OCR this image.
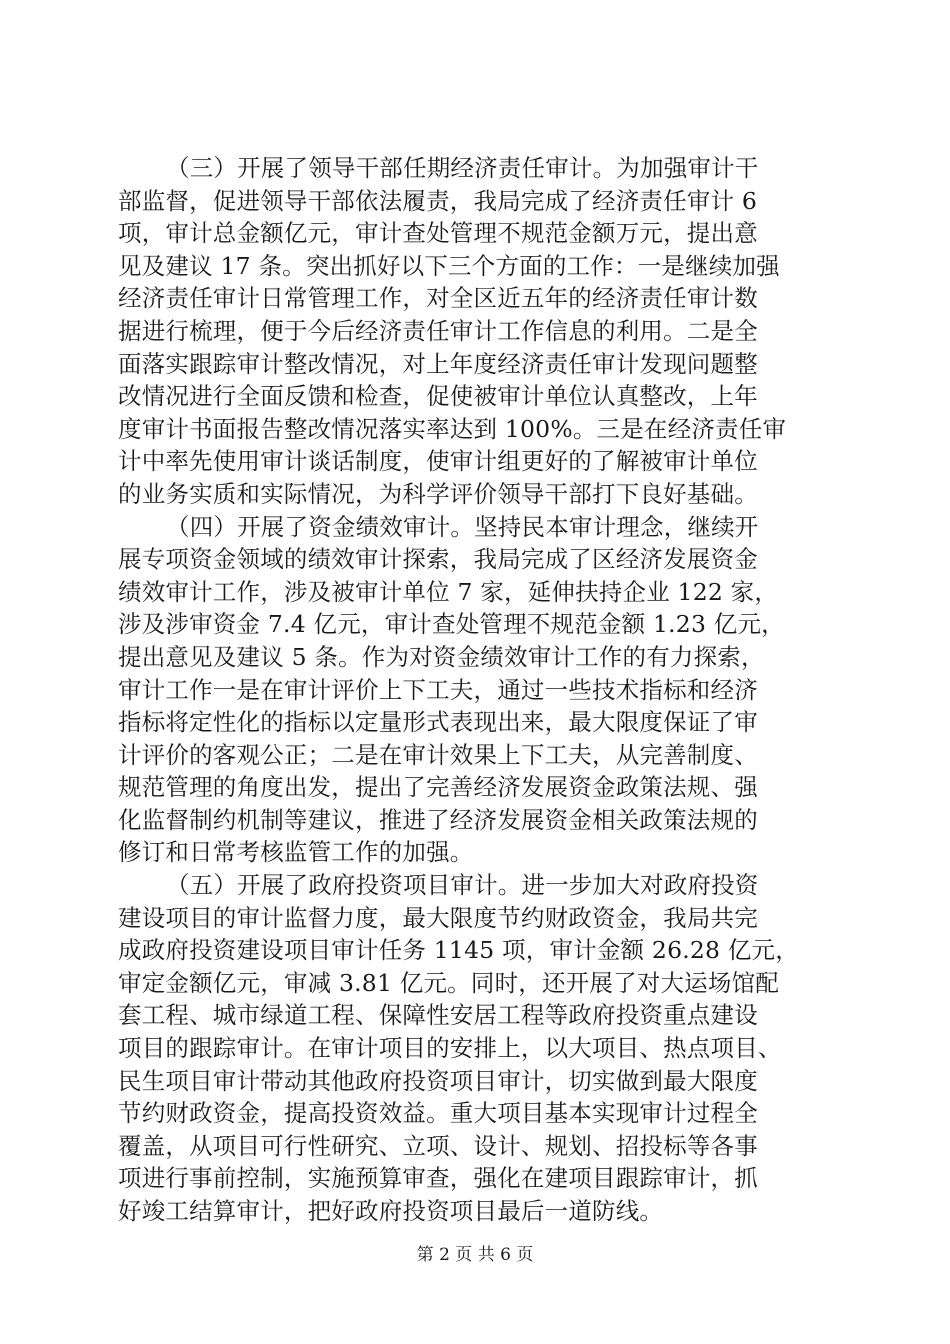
（三）开展了领导干部任期经济责任审计。为加强审计干
部监督，促进领导干部依法履责，我局完成了经济责任审计 6
项，审计总金额亿元，审计查处管理不规范金额万元，提出意
见及建议 17 条。突出抓好以下三个方面的工作：一是继续加强
经济责任审计日常管理工作，对全区近五年的经济责任审计数
据进行梳理，便于今后经济责任审计工作信息的利用。二是全
面落实跟踪审计整改情况，对上年度经济责任审计发现问题整
改情况进行全面反馈和检查，促使被审计单位认真整改，上年
度审计书面报告整改情况落实率达到 100%。三是在经济责任审
计中率先使用审计谈话制度，使审计组更好的了解被审计单位
的业务实质和实际情况，为科学评价领导干部打下良好基础。
（四）开展了资金绩效审计。坚持民本审计理念，继续开
展专项资金领域的绩效审计探索，我局完成了区经济发展资金
绩效审计工作，涉及被审计单位 7 家，延伸扶持企业 122 家，
涉及涉审资金 7.4 亿元，审计查处管理不规范金额 1.23 亿元，
提出意见及建议 5 条。作为对资金绩效审计工作的有力探索，
审计工作一是在审计评价上下工夫，通过一些技术指标和经济
指标将定性化的指标以定量形式表现出来，最大限度保证了审
计评价的客观公正；二是在审计效果上下工夫，从完善制度、
规范管理的角度出发，提出了完善经济发展资金政策法规、强
化监督制约机制等建议，推进了经济发展资金相关政策法规的
修订和日常考核监管工作的加强。
（五）开展了政府投资项目审计。进一步加大对政府投资
建设项目的审计监督力度，最大限度节约财政资金，我局共完
成政府投资建设项目审计任务 1145 项，审计金额 26.28 亿元，
审定金额亿元，审减 3.81 亿元。同时，还开展了对大运场馆配
套工程、城市绿道工程、保障性安居工程等政府投资重点建设
项目的跟踪审计。在审计项目的安排上，以大项目、热点项目、
民生项目审计带动其他政府投资项目审计，切实做到最大限度
节约财政资金，提高投资效益。重大项目基本实现审计过程全
覆盖，从项目可行性研究、立项、设计、规划、招投标等各事
项进行事前控制，实施预算审查，强化在建项目跟踪审计，抓
好竣工结算审计，把好政府投资项目最后一道防线。
第 2 页 共 6 页
